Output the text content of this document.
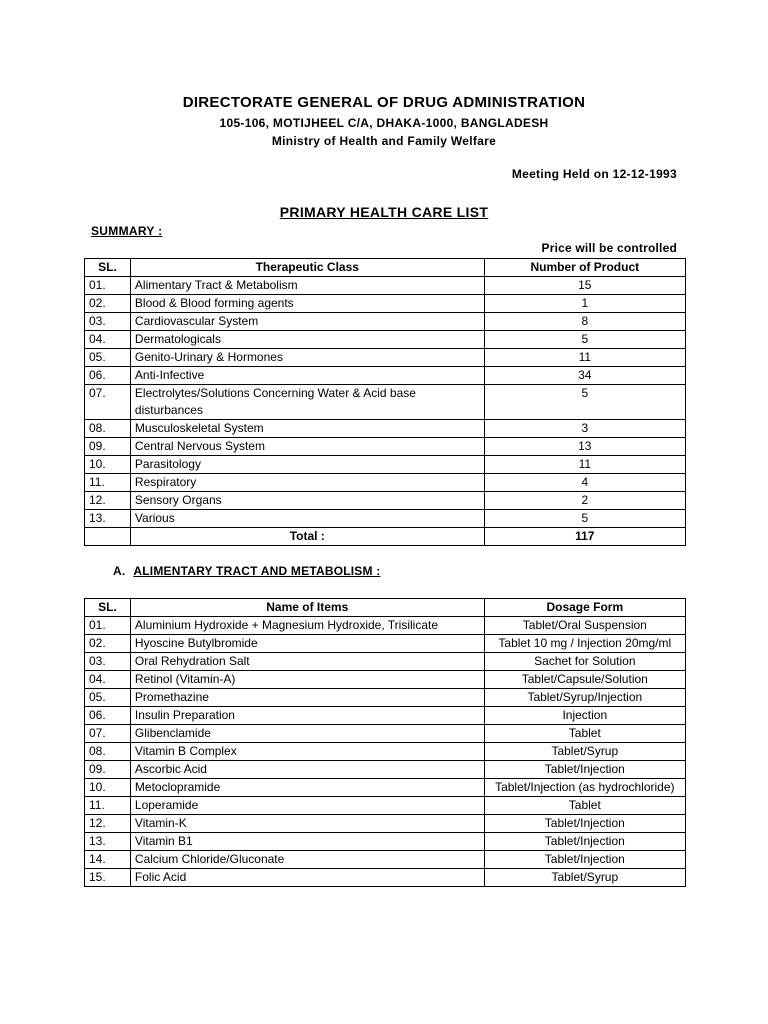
DIRECTORATE GENERAL OF DRUG ADMINISTRATION
105-106, MOTIJHEEL C/A, DHAKA-1000, BANGLADESH
Ministry of Health and Family Welfare
Meeting Held on 12-12-1993
PRIMARY HEALTH CARE LIST
SUMMARY :
Price will be controlled
SL.	Therapeutic Class	Number of Product
01.	Alimentary Tract & Metabolism	15
02.	Blood & Blood forming agents	1
03.	Cardiovascular System	8
04.	Dermatologicals	5
05.	Genito-Urinary & Hormones	11
06.	Anti-Infective	34
07.	Electrolytes/Solutions Concerning Water & Acid base disturbances	5
08.	Musculoskeletal System	3
09.	Central Nervous System	13
10.	Parasitology	11
11.	Respiratory	4
12.	Sensory Organs	2
13.	Various	5
	Total :	117
A. ALIMENTARY TRACT AND METABOLISM :
SL.	Name of Items	Dosage Form
01.	Aluminium Hydroxide + Magnesium Hydroxide, Trisilicate	Tablet/Oral Suspension
02.	Hyoscine Butylbromide	Tablet 10 mg / Injection 20mg/ml
03.	Oral Rehydration Salt	Sachet for Solution
04.	Retinol (Vitamin-A)	Tablet/Capsule/Solution
05.	Promethazine	Tablet/Syrup/Injection
06.	Insulin Preparation	Injection
07.	Glibenclamide	Tablet
08.	Vitamin B Complex	Tablet/Syrup
09.	Ascorbic Acid	Tablet/Injection
10.	Metoclopramide	Tablet/Injection (as hydrochloride)
11.	Loperamide	Tablet
12.	Vitamin-K	Tablet/Injection
13.	Vitamin B1	Tablet/Injection
14.	Calcium Chloride/Gluconate	Tablet/Injection
15.	Folic Acid	Tablet/Syrup
